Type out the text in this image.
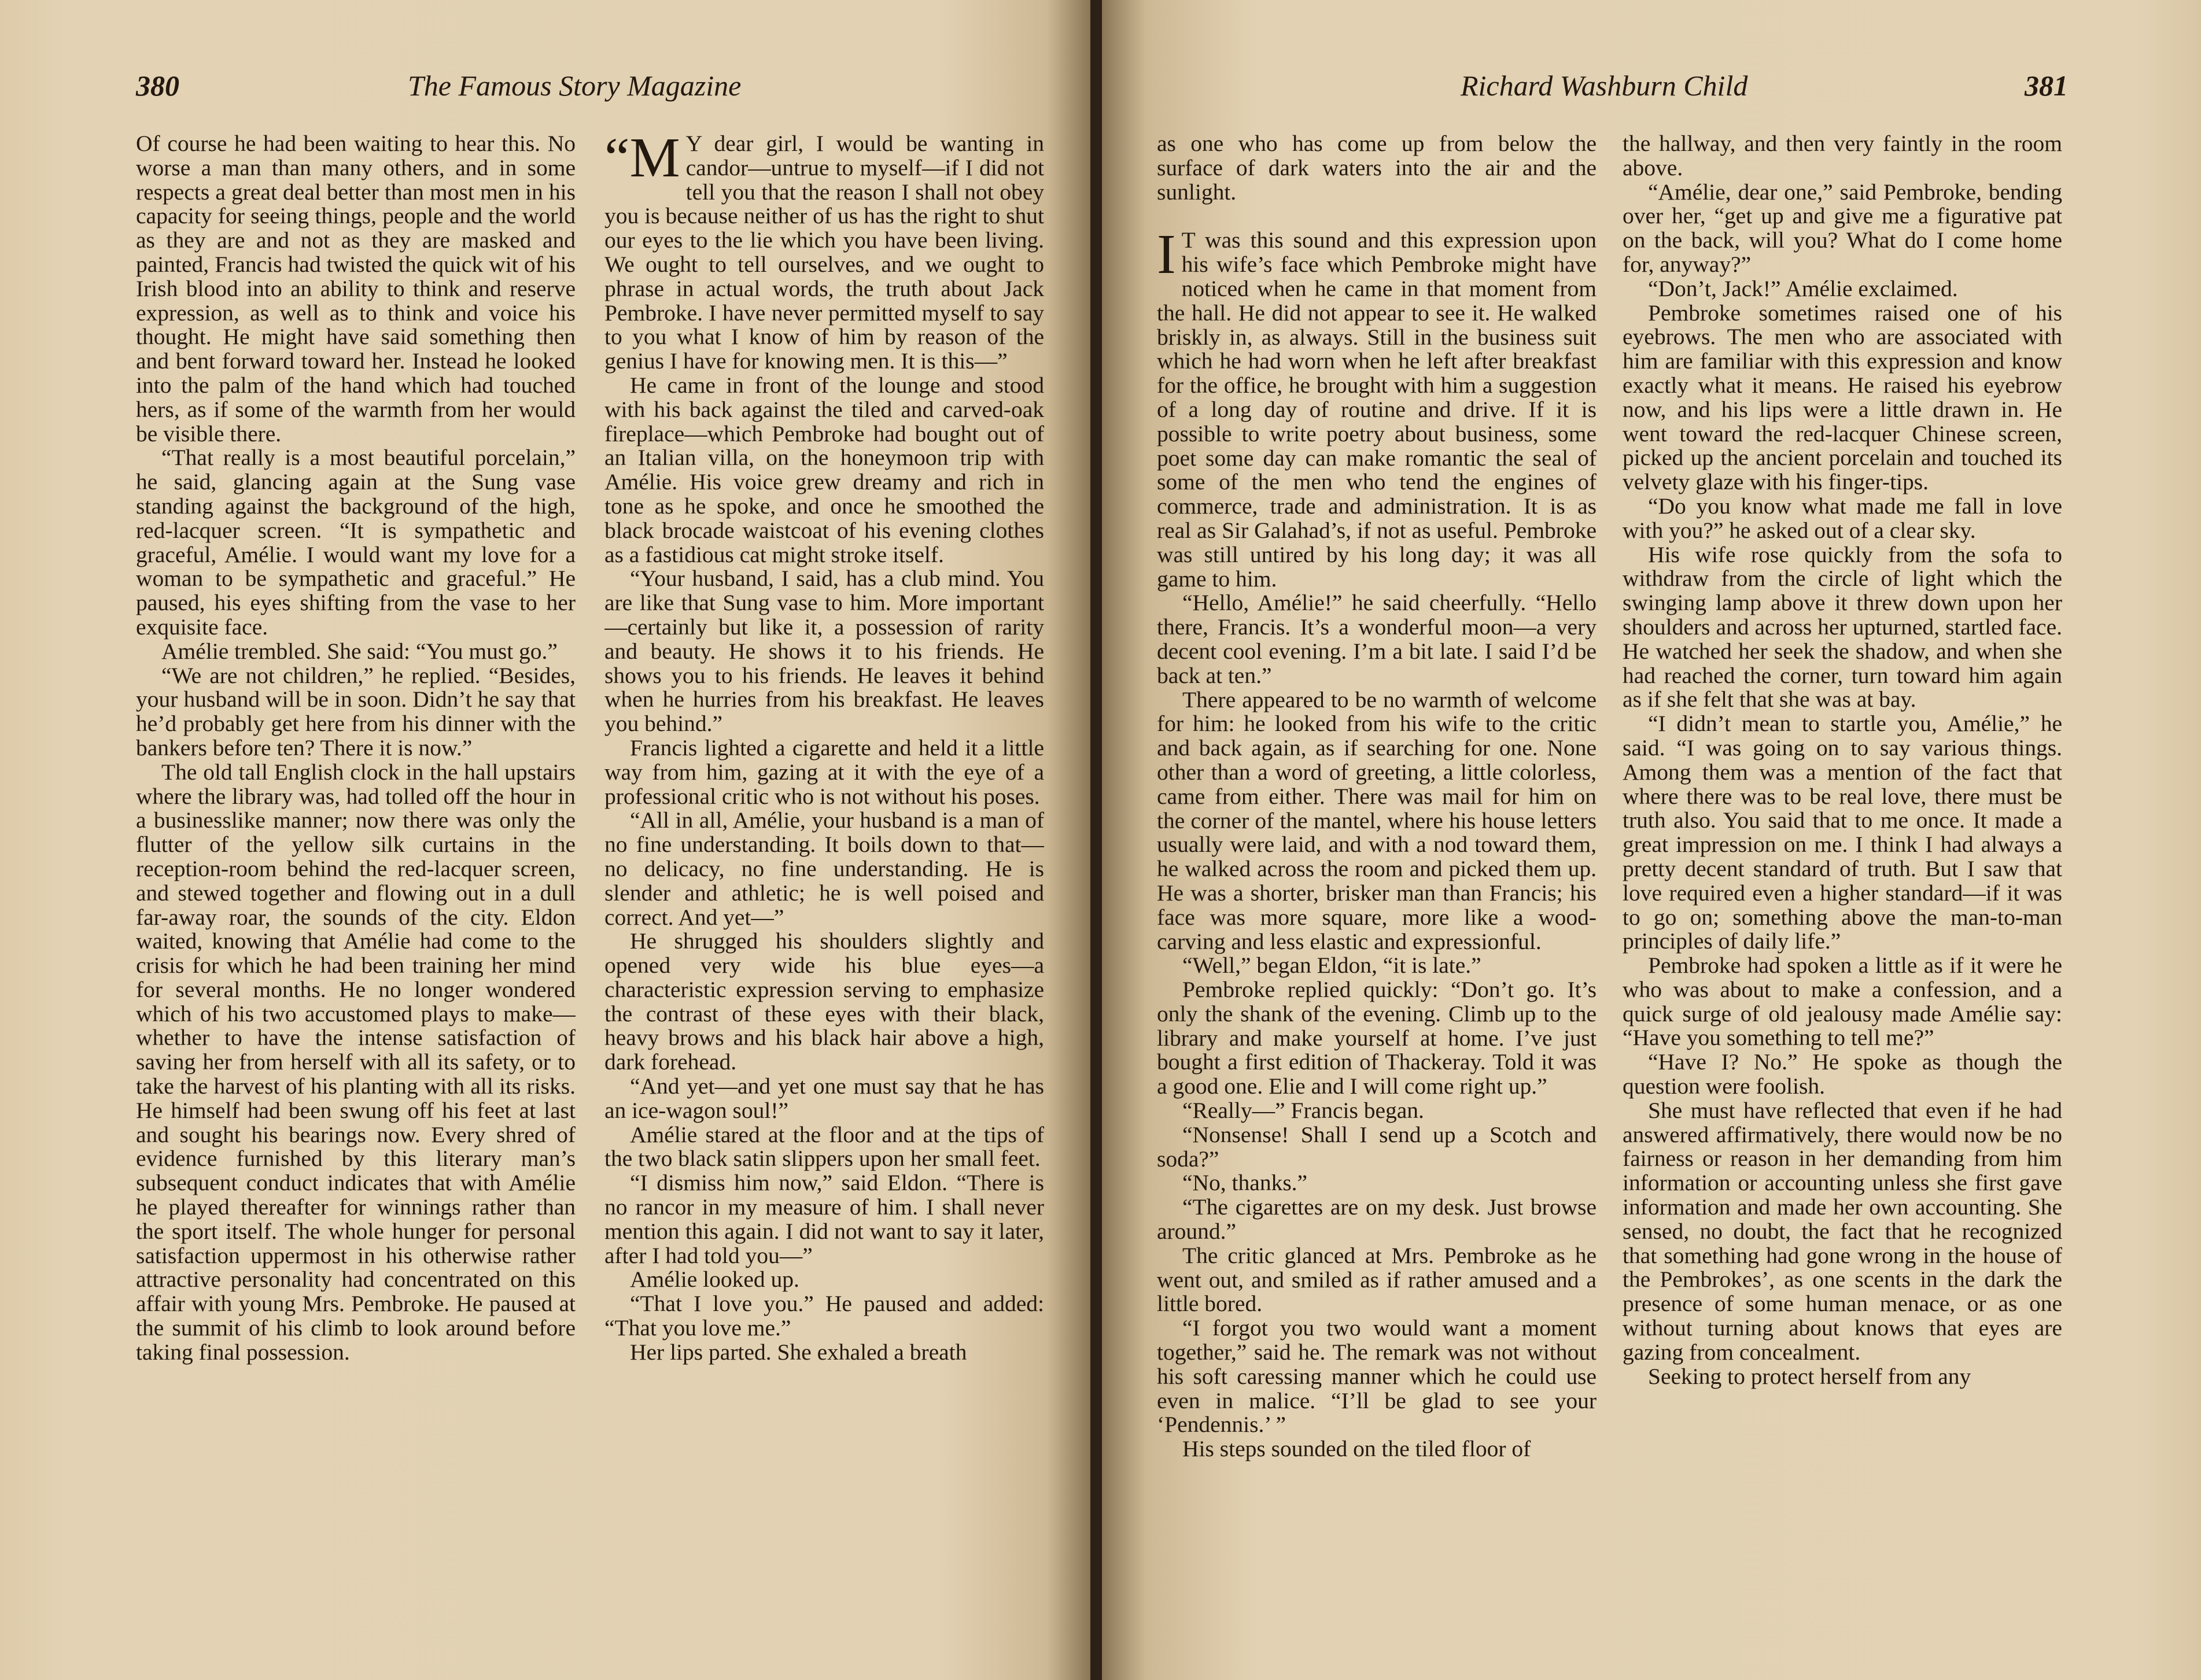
380	The Famous Story Magazine

Of course he had been waiting to hear this. No worse a man than many others, and in some respects a great deal better than most men in his capacity for seeing things, people and the world as they are and not as they are masked and painted, Francis had twisted the quick wit of his Irish blood into an ability to think and reserve expression, as well as to think and voice his thought. He might have said something then and bent forward toward her. Instead he looked into the palm of the hand which had touched hers, as if some of the warmth from her would be visible there.

“That really is a most beautiful porcelain,” he said, glancing again at the Sung vase standing against the background of the high, red-lacquer screen. “It is sympathetic and graceful, Amélie. I would want my love for a woman to be sympathetic and graceful.” He paused, his eyes shifting from the vase to her exquisite face.

Amélie trembled. She said: “You must go.”

“We are not children,” he replied. “Besides, your husband will be in soon. Didn’t he say that he’d probably get here from his dinner with the bankers before ten? There it is now.”

The old tall English clock in the hall upstairs where the library was, had tolled off the hour in a businesslike manner; now there was only the flutter of the yellow silk curtains in the reception-room behind the red-lacquer screen, and stewed together and flowing out in a dull far-away roar, the sounds of the city. Eldon waited, knowing that Amélie had come to the crisis for which he had been training her mind for several months. He no longer wondered which of his two accustomed plays to make—whether to have the intense satisfaction of saving her from herself with all its safety, or to take the harvest of his planting with all its risks. He himself had been swung off his feet at last and sought his bearings now. Every shred of evidence furnished by this literary man’s subsequent conduct indicates that with Amélie he played thereafter for winnings rather than the sport itself. The whole hunger for personal satisfaction uppermost in his otherwise rather attractive personality had concentrated on this affair with young Mrs. Pembroke. He paused at the summit of his climb to look around before taking final possession.

“M Y dear girl, I would be wanting in candor—untrue to myself—if I did not tell you that the reason I shall not obey you is because neither of us has the right to shut our eyes to the lie which you have been living. We ought to tell ourselves, and we ought to phrase in actual words, the truth about Jack Pembroke. I have never permitted myself to say to you what I know of him by reason of the genius I have for knowing men. It is this—”

He came in front of the lounge and stood with his back against the tiled and carved-oak fireplace—which Pembroke had bought out of an Italian villa, on the honeymoon trip with Amélie. His voice grew dreamy and rich in tone as he spoke, and once he smoothed the black brocade waistcoat of his evening clothes as a fastidious cat might stroke itself.

“Your husband, I said, has a club mind. You are like that Sung vase to him. More important—certainly but like it, a possession of rarity and beauty. He shows it to his friends. He shows you to his friends. He leaves it behind when he hurries from his breakfast. He leaves you behind.”

Francis lighted a cigarette and held it a little way from him, gazing at it with the eye of a professional critic who is not without his poses.

“All in all, Amélie, your husband is a man of no fine understanding. It boils down to that—no delicacy, no fine understanding. He is slender and athletic; he is well poised and correct. And yet—”

He shrugged his shoulders slightly and opened very wide his blue eyes—a characteristic expression serving to emphasize the contrast of these eyes with their black, heavy brows and his black hair above a high, dark forehead.

“And yet—and yet one must say that he has an ice-wagon soul!”

Amélie stared at the floor and at the tips of the two black satin slippers upon her small feet.

“I dismiss him now,” said Eldon. “There is no rancor in my measure of him. I shall never mention this again. I did not want to say it later, after I had told you—”

Amélie looked up.

“That I love you.” He paused and added: “That you love me.”

Her lips parted. She exhaled a breath

Richard Washburn Child	381

as one who has come up from below the surface of dark waters into the air and the sunlight.

I T was this sound and this expression upon his wife’s face which Pembroke might have noticed when he came in that moment from the hall. He did not appear to see it. He walked briskly in, as always. Still in the business suit which he had worn when he left after breakfast for the office, he brought with him a suggestion of a long day of routine and drive. If it is possible to write poetry about business, some poet some day can make romantic the seal of some of the men who tend the engines of commerce, trade and administration. It is as real as Sir Galahad’s, if not as useful. Pembroke was still untired by his long day; it was all game to him.

“Hello, Amélie!” he said cheerfully. “Hello there, Francis. It’s a wonderful moon—a very decent cool evening. I’m a bit late. I said I’d be back at ten.”

There appeared to be no warmth of welcome for him: he looked from his wife to the critic and back again, as if searching for one. None other than a word of greeting, a little colorless, came from either. There was mail for him on the corner of the mantel, where his house letters usually were laid, and with a nod toward them, he walked across the room and picked them up. He was a shorter, brisker man than Francis; his face was more square, more like a wood-carving and less elastic and expressionful.

“Well,” began Eldon, “it is late.”

Pembroke replied quickly: “Don’t go. It’s only the shank of the evening. Climb up to the library and make yourself at home. I’ve just bought a first edition of Thackeray. Told it was a good one. Elie and I will come right up.”

“Really—” Francis began.

“Nonsense! Shall I send up a Scotch and soda?”

“No, thanks.”

“The cigarettes are on my desk. Just browse around.”

The critic glanced at Mrs. Pembroke as he went out, and smiled as if rather amused and a little bored.

“I forgot you two would want a moment together,” said he. The remark was not without his soft caressing manner which he could use even in malice. “I’ll be glad to see your ‘Pendennis.’ ”

His steps sounded on the tiled floor of

the hallway, and then very faintly in the room above.

“Amélie, dear one,” said Pembroke, bending over her, “get up and give me a figurative pat on the back, will you? What do I come home for, anyway?”

“Don’t, Jack!” Amélie exclaimed.

Pembroke sometimes raised one of his eyebrows. The men who are associated with him are familiar with this expression and know exactly what it means. He raised his eyebrow now, and his lips were a little drawn in. He went toward the red-lacquer Chinese screen, picked up the ancient porcelain and touched its velvety glaze with his finger-tips.

“Do you know what made me fall in love with you?” he asked out of a clear sky.

His wife rose quickly from the sofa to withdraw from the circle of light which the swinging lamp above it threw down upon her shoulders and across her upturned, startled face. He watched her seek the shadow, and when she had reached the corner, turn toward him again as if she felt that she was at bay.

“I didn’t mean to startle you, Amélie,” he said. “I was going on to say various things. Among them was a mention of the fact that where there was to be real love, there must be truth also. You said that to me once. It made a great impression on me. I think I had always a pretty decent standard of truth. But I saw that love required even a higher standard—if it was to go on; something above the man-to-man principles of daily life.”

Pembroke had spoken a little as if it were he who was about to make a confession, and a quick surge of old jealousy made Amélie say: “Have you something to tell me?”

“Have I? No.” He spoke as though the question were foolish.

She must have reflected that even if he had answered affirmatively, there would now be no fairness or reason in her demanding from him information or accounting unless she first gave information and made her own accounting. She sensed, no doubt, the fact that he recognized that something had gone wrong in the house of the Pembrokes’, as one scents in the dark the presence of some human menace, or as one without turning about knows that eyes are gazing from concealment.

Seeking to protect herself from any
